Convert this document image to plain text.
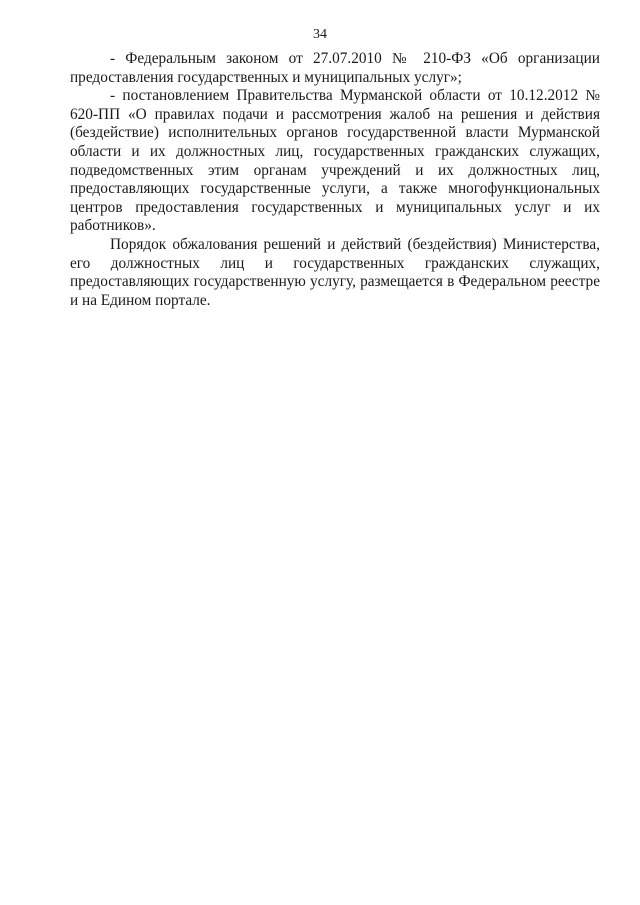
34

- Федеральным законом от 27.07.2010 № 210-ФЗ «Об организации предоставления государственных и муниципальных услуг»;

- постановлением Правительства Мурманской области от 10.12.2012 № 620-ПП «О правилах подачи и рассмотрения жалоб на решения и действия (бездействие) исполнительных органов государственной власти Мурманской области и их должностных лиц, государственных гражданских служащих, подведомственных этим органам учреждений и их должностных лиц, предоставляющих государственные услуги, а также многофункциональных центров предоставления государственных и муниципальных услуг и их работников».

Порядок обжалования решений и действий (бездействия) Министерства, его должностных лиц и государственных гражданских служащих, предоставляющих государственную услугу, размещается в Федеральном реестре и на Едином портале.
